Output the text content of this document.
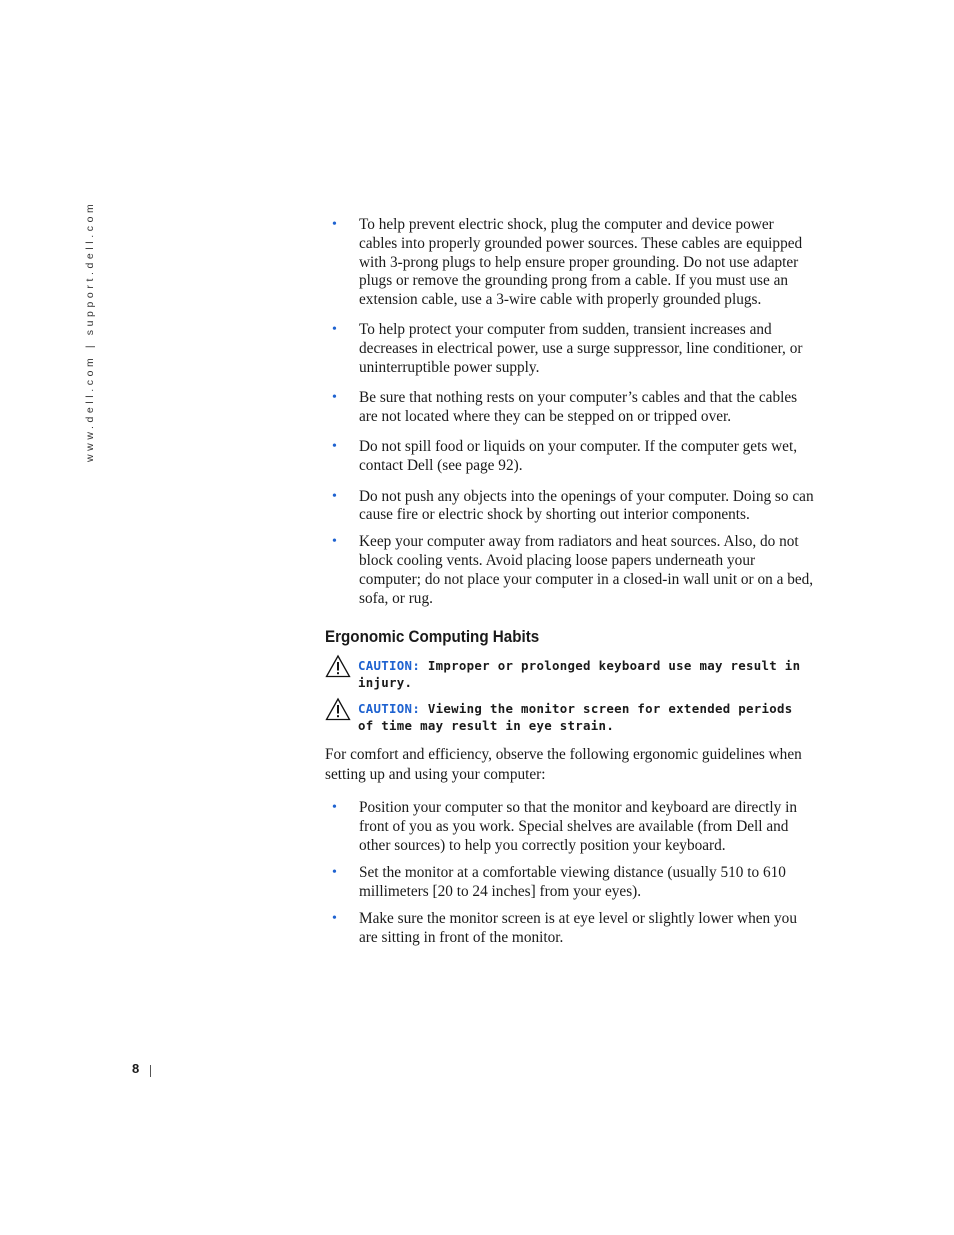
www.dell.com | support.dell.com	• To help prevent electric shock, plug the computer and device power cables into properly grounded power sources. These cables are equipped with 3-prong plugs to help ensure proper grounding. Do not use adapter plugs or remove the grounding prong from a cable. If you must use an extension cable, use a 3-wire cable with properly grounded plugs.
• To help protect your computer from sudden, transient increases and decreases in electrical power, use a surge suppressor, line conditioner, or uninterruptible power supply.
• Be sure that nothing rests on your computer’s cables and that the cables are not located where they can be stepped on or tripped over.
• Do not spill food or liquids on your computer. If the computer gets wet, contact Dell (see page 92).
• Do not push any objects into the openings of your computer. Doing so can cause fire or electric shock by shorting out interior components.
• Keep your computer away from radiators and heat sources. Also, do not block cooling vents. Avoid placing loose papers underneath your computer; do not place your computer in a closed-in wall unit or on a bed, sofa, or rug.
Ergonomic Computing Habits
CAUTION: Improper or prolonged keyboard use may result in injury.
CAUTION: Viewing the monitor screen for extended periods of time may result in eye strain.

For comfort and efficiency, observe the following ergonomic guidelines when setting up and using your computer:

• Position your computer so that the monitor and keyboard are directly in front of you as you work. Special shelves are available (from Dell and other sources) to help you correctly position your keyboard.
• Set the monitor at a comfortable viewing distance (usually 510 to 610 millimeters [20 to 24 inches] from your eyes).
• Make sure the monitor screen is at eye level or slightly lower when you are sitting in front of the monitor.
8
